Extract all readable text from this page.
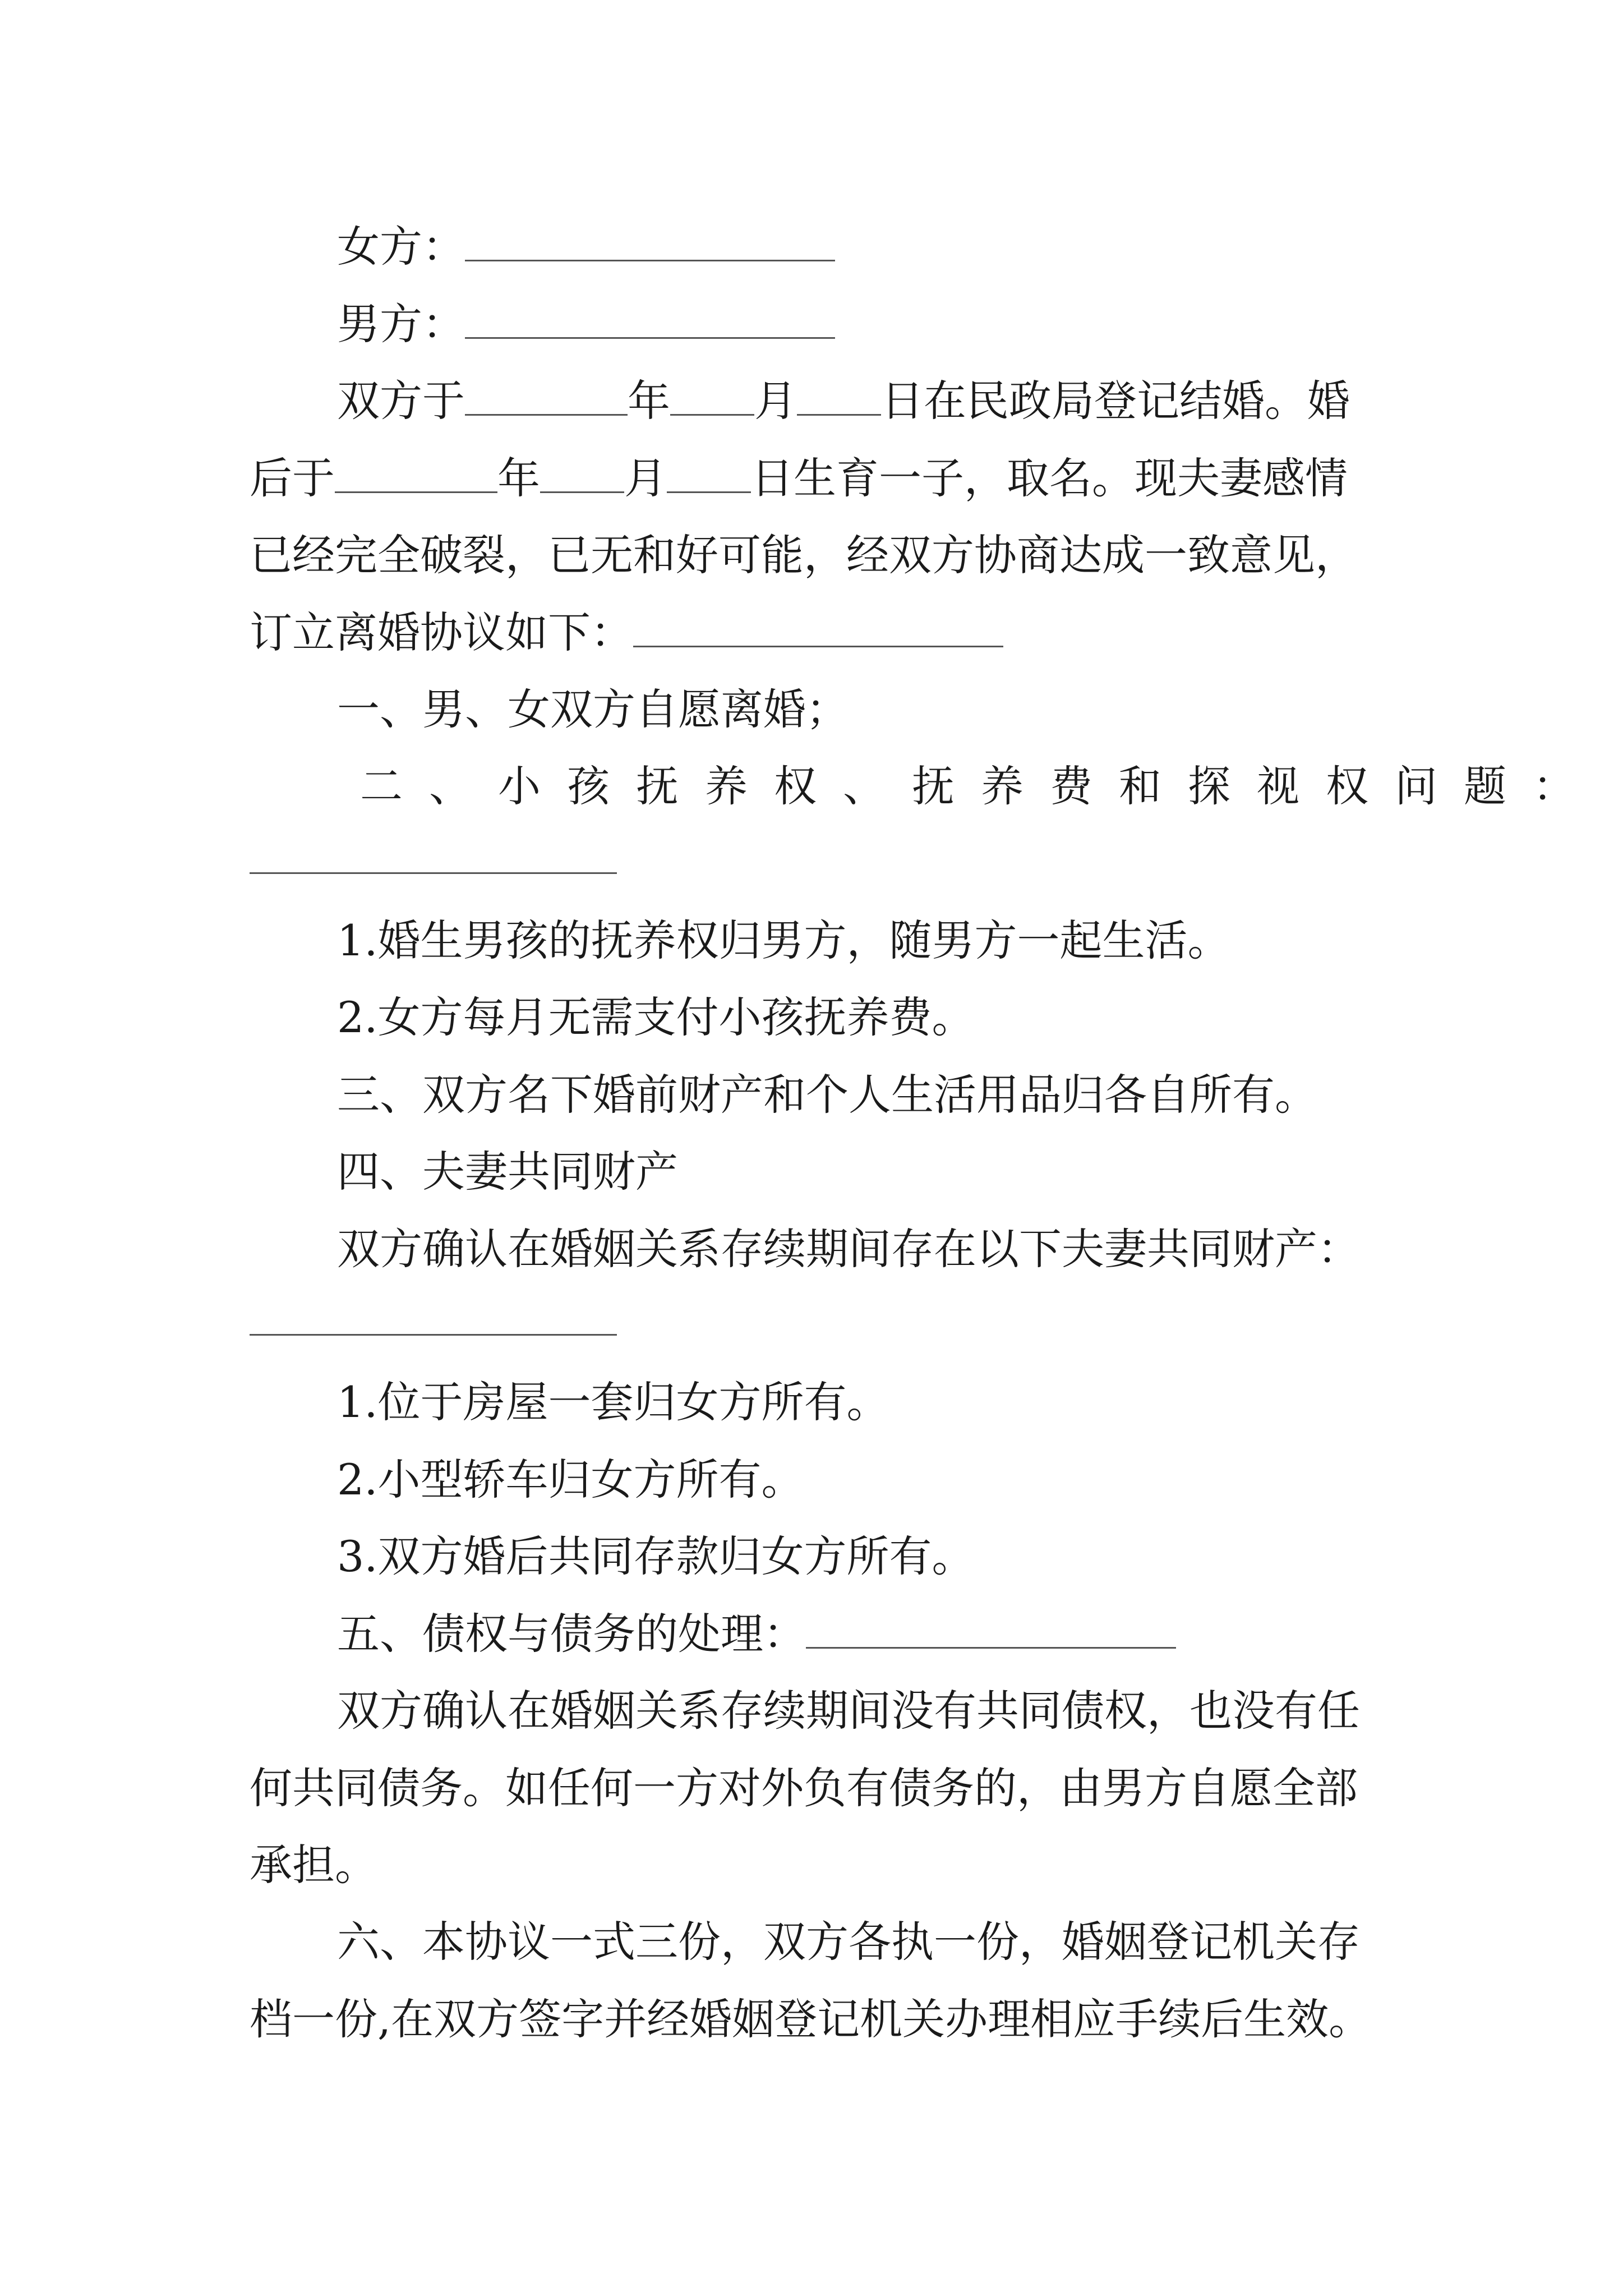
女方：
男方：
双方于	年 月 日在民政局登记结婚。婚
后于	年 月 日生育一子，取名。现夫妻感情
已经完全破裂，已无和好可能，经双方协商达成一致意见，
订立离婚协议如下：
一、男、女双方自愿离婚；
二、小孩抚养权、抚养费和探视权问题：
1.婚生男孩的抚养权归男方，随男方一起生活。
2.女方每月无需支付小孩抚养费。
三、双方名下婚前财产和个人生活用品归各自所有。
四、夫妻共同财产
双方确认在婚姻关系存续期间存在以下夫妻共同财产：
1.位于房屋一套归女方所有。
2.小型轿车归女方所有。
3.双方婚后共同存款归女方所有。
五、债权与债务的处理：
双方确认在婚姻关系存续期间没有共同债权，也没有任
何共同债务。如任何一方对外负有债务的，由男方自愿全部
承担。
六、本协议一式三份，双方各执一份，婚姻登记机关存
档一份,在双方签字并经婚姻登记机关办理相应手续后生效。
